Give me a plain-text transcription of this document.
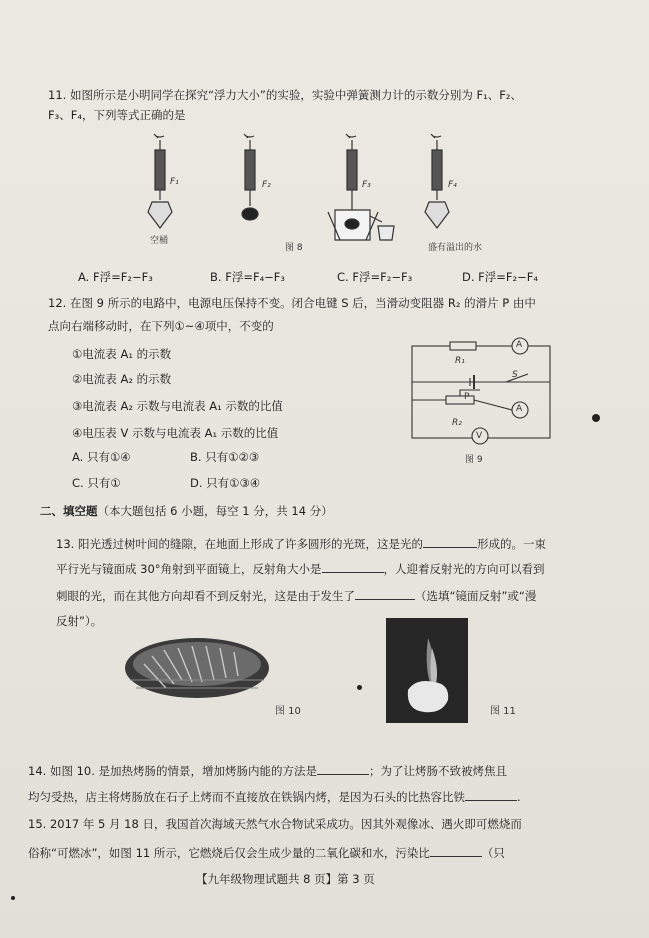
11. 如图所示是小明同学在探究“浮力大小”的实验，实验中弹簧测力计的示数分别为 F₁、F₂、
F₃、F₄，下列等式正确的是
F₁	F₂	F₃	F₄
空桶
图 8	盛有溢出的水
A. F浮=F₂−F₃	B. F浮=F₄−F₃	C. F浮=F₂−F₃	D. F浮=F₂−F₄
12. 在图 9 所示的电路中，电源电压保持不变。闭合电键 S 后，当滑动变阻器 R₂ 的滑片 P 由中
点向右端移动时，在下列①~④项中，不变的
①电流表 A₁ 的示数
②电流表 A₂ 的示数
③电流表 A₂ 示数与电流表 A₁ 示数的比值
④电压表 V 示数与电流表 A₁ 示数的比值
A. 只有①④	B. 只有①②③
C. 只有①	D. 只有①③④
R₁
A
S
P
A
R₂
V
图 9
二、填空题（本大题包括 6 小题，每空 1 分，共 14 分）
13. 阳光透过树叶间的缝隙，在地面上形成了许多圆形的光斑，这是光的	形成的。一束
平行光与镜面成 30°角射到平面镜上，反射角大小是	，人迎着反射光的方向可以看到
刺眼的光，而在其他方向却看不到反射光，这是由于发生了	（选填“镜面反射”或“漫
反射”）。
图 10	图 11
14. 如图 10. 是加热烤肠的情景，增加烤肠内能的方法是	；为了让烤肠不致被烤焦且
均匀受热，店主将烤肠放在石子上烤而不直接放在铁锅内烤，是因为石头的比热容比铁	.
15. 2017 年 5 月 18 日，我国首次海域天然气水合物试采成功。因其外观像冰、遇火即可燃烧而
俗称“可燃冰”，如图 11 所示，它燃烧后仅会生成少量的二氧化碳和水，污染比	（只
【九年级物理试题共 8 页】第 3 页
